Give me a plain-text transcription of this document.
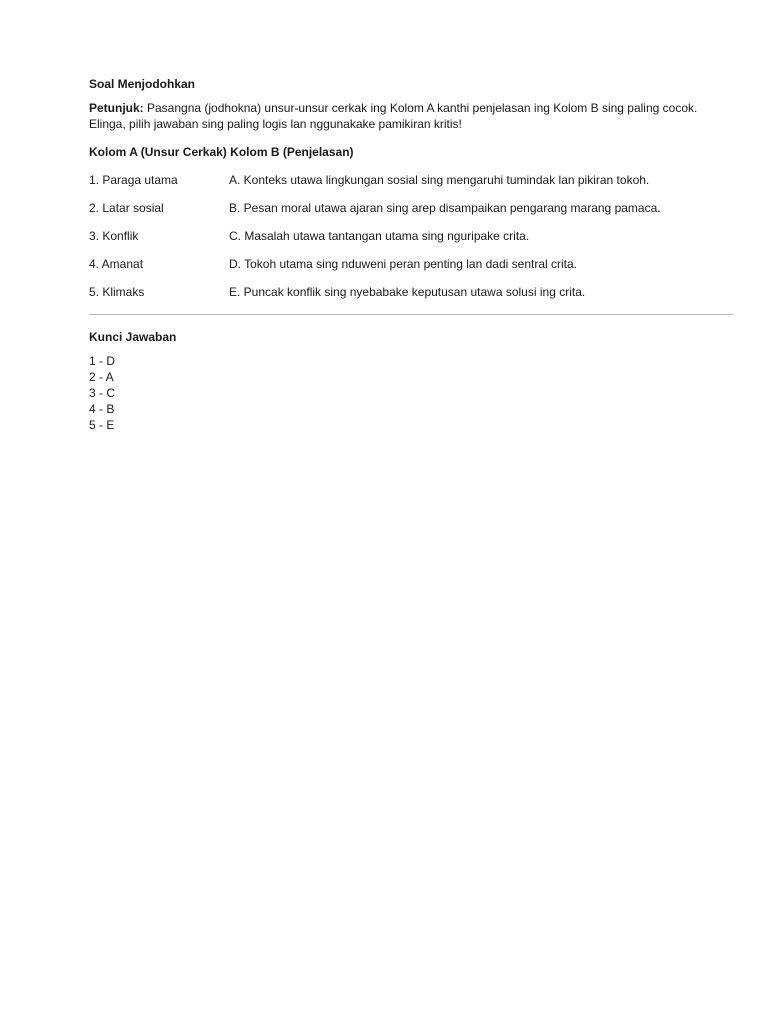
Soal Menjodohkan
Petunjuk: Pasangna (jodhokna) unsur-unsur cerkak ing Kolom A kanthi penjelasan ing Kolom B sing paling cocok.
Elinga, pilih jawaban sing paling logis lan nggunakake pamikiran kritis!
Kolom A (Unsur Cerkak) Kolom B (Penjelasan)
1. Paraga utama	A. Konteks utawa lingkungan sosial sing mengaruhi tumindak lan pikiran tokoh.
2. Latar sosial	B. Pesan moral utawa ajaran sing arep disampaikan pengarang marang pamaca.
3. Konflik	C. Masalah utawa tantangan utama sing nguripake crita.
4. Amanat	D. Tokoh utama sing nduweni peran penting lan dadi sentral crita.
5. Klimaks	E. Puncak konflik sing nyebabake keputusan utawa solusi ing crita.
Kunci Jawaban
1 - D
2 - A
3 - C
4 - B
5 - E
